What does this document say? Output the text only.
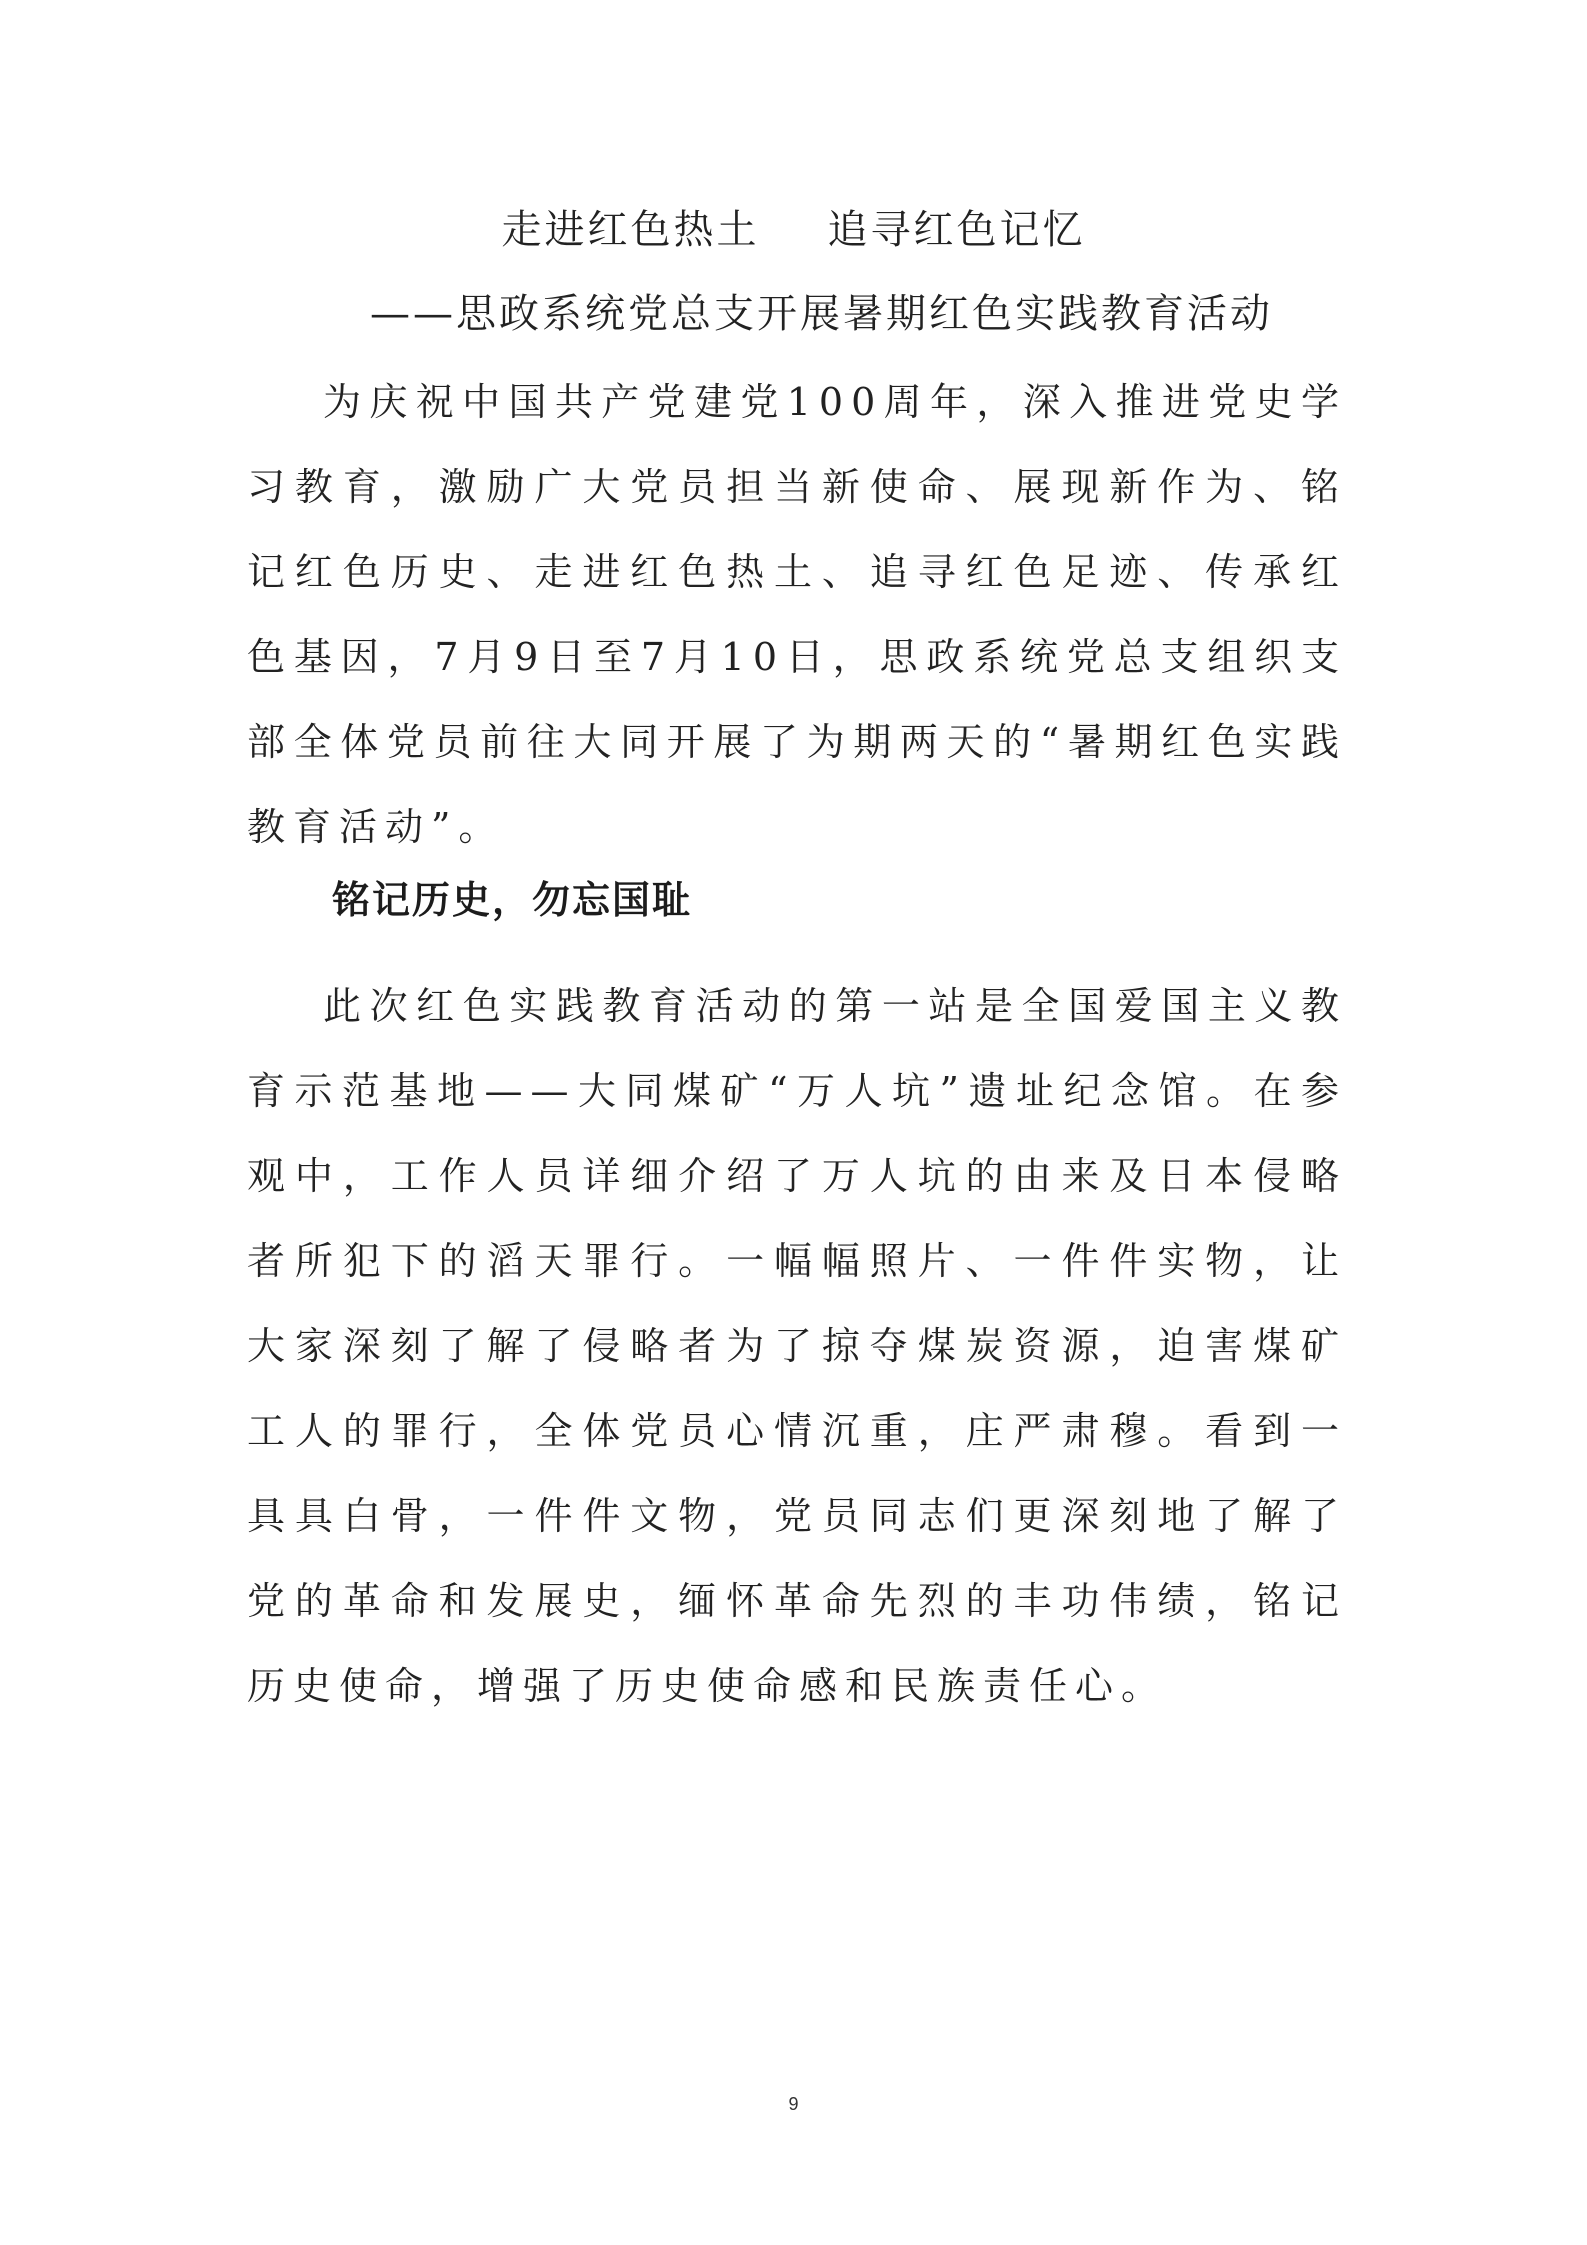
走进红色热土 追寻红色记忆
——思政系统党总支开展暑期红色实践教育活动

为庆祝中国共产党建党100周年，深入推进党史学习教育，激励广大党员担当新使命、展现新作为、铭记红色历史、走进红色热土、追寻红色足迹、传承红色基因，7月9日至7月10日，思政系统党总支组织支部全体党员前往大同开展了为期两天的“暑期红色实践教育活动”。

铭记历史，勿忘国耻

此次红色实践教育活动的第一站是全国爱国主义教育示范基地——大同煤矿“万人坑”遗址纪念馆。在参观中，工作人员详细介绍了万人坑的由来及日本侵略者所犯下的滔天罪行。一幅幅照片、一件件实物，让大家深刻了解了侵略者为了掠夺煤炭资源，迫害煤矿工人的罪行，全体党员心情沉重，庄严肃穆。看到一具具白骨，一件件文物，党员同志们更深刻地了解了党的革命和发展史，缅怀革命先烈的丰功伟绩，铭记历史使命，增强了历史使命感和民族责任心。

9
